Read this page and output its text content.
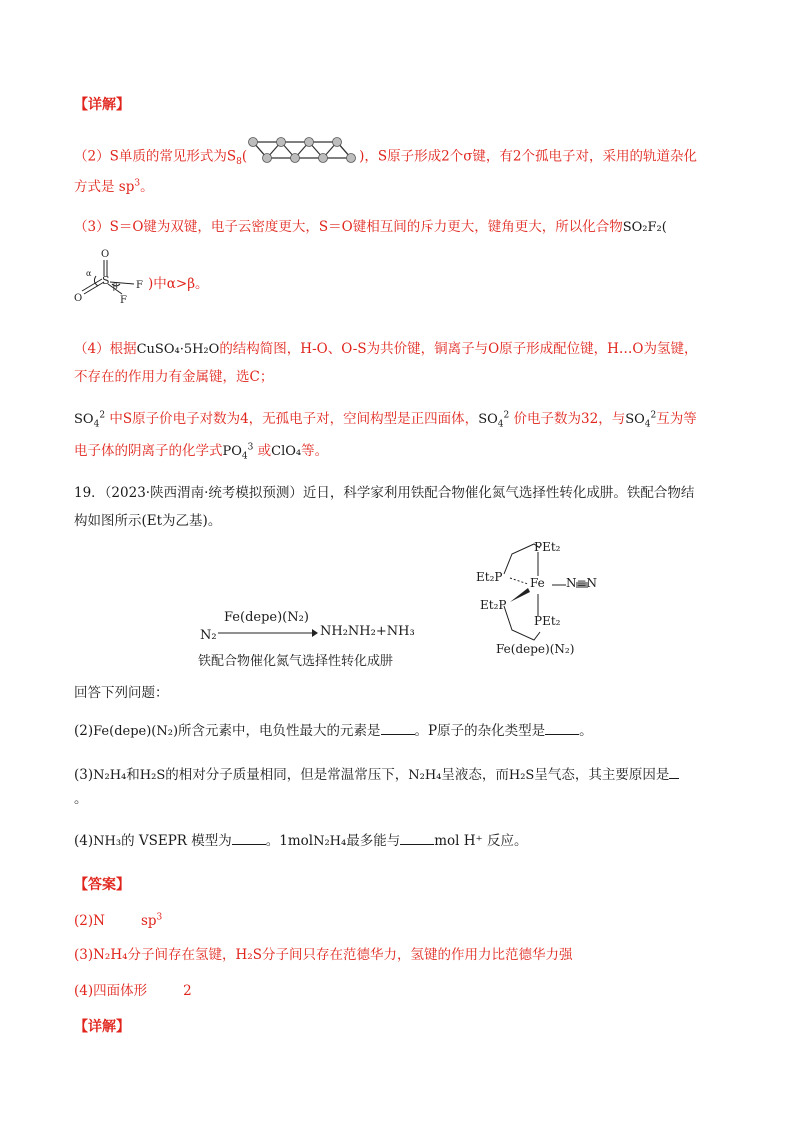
【详解】
（2）S单质的常见形式为$S_8$(	)，S原子形成2个σ键，有2个孤电子对，采用的轨道杂化
方式是 $sp^3$。
（3）S＝O键为双键，电子云密度更大，S＝O键相互间的斥力更大，键角更大，所以化合物SO₂F₂(
O
α
S β F
O	F
)中α>β。
（4）根据CuSO₄·5H₂O的结构简图，H-O、O-S为共价键，铜离子与O原子形成配位键，H…O为氢键，
不存在的作用力有金属键，选C；
$SO_4^2$ 中S原子价电子对数为4，无孤电子对，空间构型是正四面体，$SO_4^2$ 价电子数为32，与$SO_4^2$互为等
电子体的阴离子的化学式$PO_4^3$ 或ClO₄等。
19．（2023·陕西渭南·统考模拟预测）近日，科学家利用铁配合物催化氮气选择性转化成肼。铁配合物结
构如图所示(Et为乙基)。
Fe(depe)(N₂)
N₂	NH₂NH₂+NH₃
铁配合物催化氮气选择性转化成肼
PEt₂
Et₂P Fe N≡N
Et₂P
PEt₂
Fe(depe)(N₂)
回答下列问题：
(2)Fe(depe)(N₂)所含元素中，电负性最大的元素是	。P原子的杂化类型是	。
(3)N₂H₄和H₂S的相对分子质量相同，但是常温常压下，N₂H₄呈液态，而H₂S呈气态，其主要原因是
。
(4)NH₃的 VSEPR 模型为	。1molN₂H₄最多能与	mol H⁺ 反应。
【答案】
(2)N	$sp^3$
(3)N₂H₄分子间存在氢键，H₂S分子间只存在范德华力，氢键的作用力比范德华力强
(4)四面体形	2
【详解】
